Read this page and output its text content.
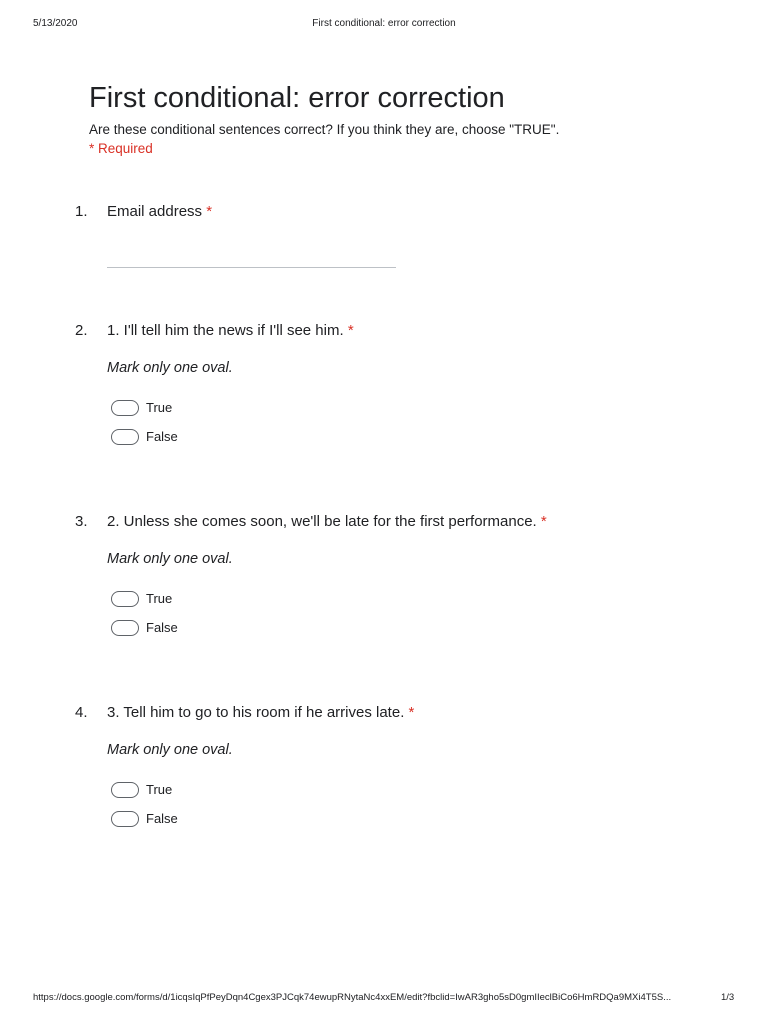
5/13/2020	First conditional: error correction
First conditional: error correction
Are these conditional sentences correct? If you think they are, choose "TRUE".
* Required
1. Email address *
2. 1. I'll tell him the news if I'll see him. *
Mark only one oval.
True
False
3. 2. Unless she comes soon, we'll be late for the first performance. *
Mark only one oval.
True
False
4. 3. Tell him to go to his room if he arrives late. *
Mark only one oval.
True
False
https://docs.google.com/forms/d/1icqsIqPfPeyDqn4Cgex3PJCqk74ewupRNytaNc4xxEM/edit?fbclid=IwAR3gho5sD0gmIIeclBiCo6HmRDQa9MXi4T5S...	1/3
